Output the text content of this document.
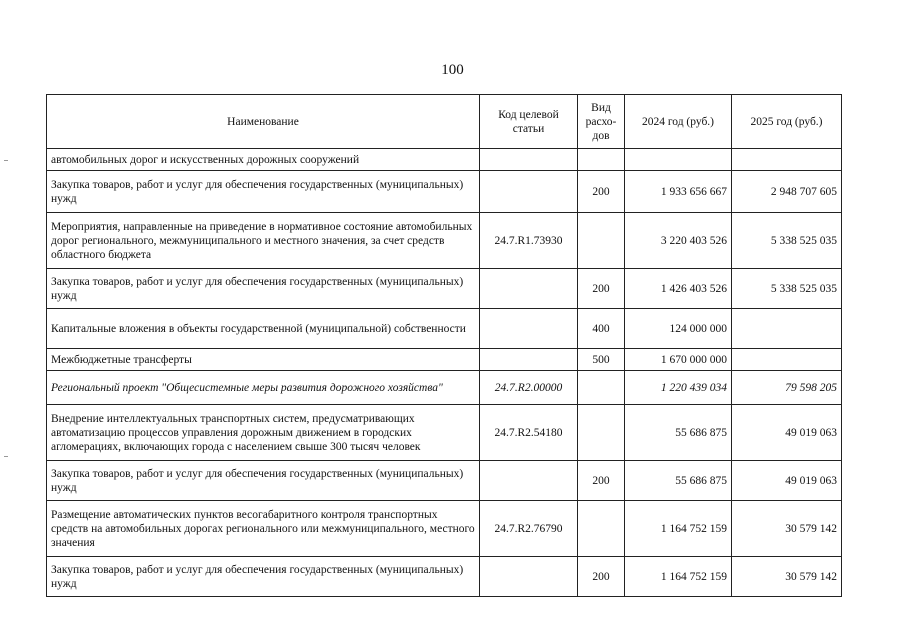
100
Наименование	Код целевой статьи	Вид расхо- дов	2024 год (руб.)	2025 год (руб.)
автомобильных дорог и искусственных дорожных сооружений				
Закупка товаров, работ и услуг для обеспечения государственных (муниципальных) нужд		200	1 933 656 667	2 948 707 605
Мероприятия, направленные на приведение в нормативное состояние автомобильных дорог регионального, межмуниципального и местного значения, за счет средств областного бюджета	24.7.R1.73930		3 220 403 526	5 338 525 035
Закупка товаров, работ и услуг для обеспечения государственных (муниципальных) нужд		200	1 426 403 526	5 338 525 035
Капитальные вложения в объекты государственной (муниципальной) собственности		400	124 000 000	
Межбюджетные трансферты		500	1 670 000 000	
Региональный проект "Общесистемные меры развития дорожного хозяйства"	24.7.R2.00000		1 220 439 034	79 598 205
Внедрение интеллектуальных транспортных систем, предусматривающих автоматизацию процессов управления дорожным движением в городских агломерациях, включающих города с населением свыше 300 тысяч человек	24.7.R2.54180		55 686 875	49 019 063
Закупка товаров, работ и услуг для обеспечения государственных (муниципальных) нужд		200	55 686 875	49 019 063
Размещение автоматических пунктов весогабаритного контроля транспортных средств на автомобильных дорогах регионального или межмуниципального, местного значения	24.7.R2.76790		1 164 752 159	30 579 142
Закупка товаров, работ и услуг для обеспечения государственных (муниципальных) нужд		200	1 164 752 159	30 579 142
